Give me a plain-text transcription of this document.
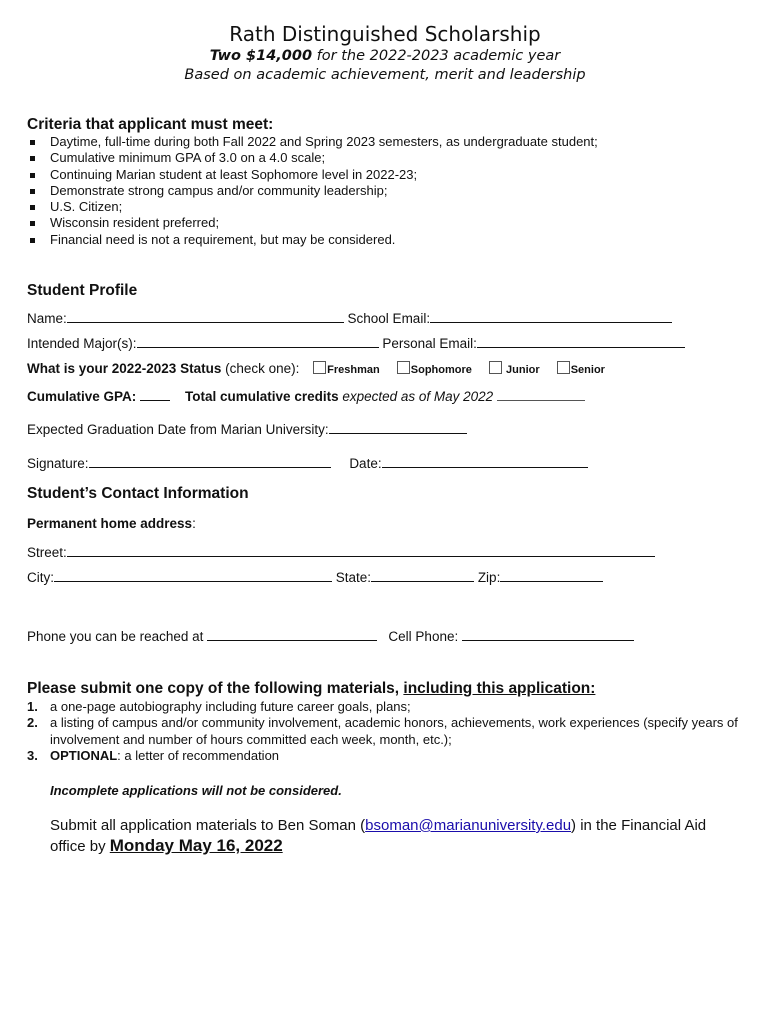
Rath Distinguished Scholarship
Two $14,000 for the 2022-2023 academic year
Based on academic achievement, merit and leadership
Criteria that applicant must meet:
Daytime, full-time during both Fall 2022 and Spring 2023 semesters, as undergraduate student;
Cumulative minimum GPA of 3.0 on a 4.0 scale;
Continuing Marian student at least Sophomore level in 2022-23;
Demonstrate strong campus and/or community leadership;
U.S. Citizen;
Wisconsin resident preferred;
Financial need is not a requirement, but may be considered.
Student Profile
Name:	School Email:
Intended Major(s):	Personal Email:
What is your 2022-2023 Status (check one):	Freshman	Sophomore	Junior	Senior
Cumulative GPA:	Total cumulative credits expected as of May 2022
Expected Graduation Date from Marian University:
Signature:	Date:
Student’s Contact Information
Permanent home address:
Street:
City:	State:	Zip:
Phone you can be reached at	Cell Phone:
Please submit one copy of the following materials, including this application:
1. a one-page autobiography including future career goals, plans;
2. a listing of campus and/or community involvement, academic honors, achievements, work experiences (specify years of involvement and number of hours committed each week, month, etc.);
3. OPTIONAL: a letter of recommendation
Incomplete applications will not be considered.
Submit all application materials to Ben Soman (bsoman@marianuniversity.edu) in the Financial Aid office by Monday May 16, 2022
